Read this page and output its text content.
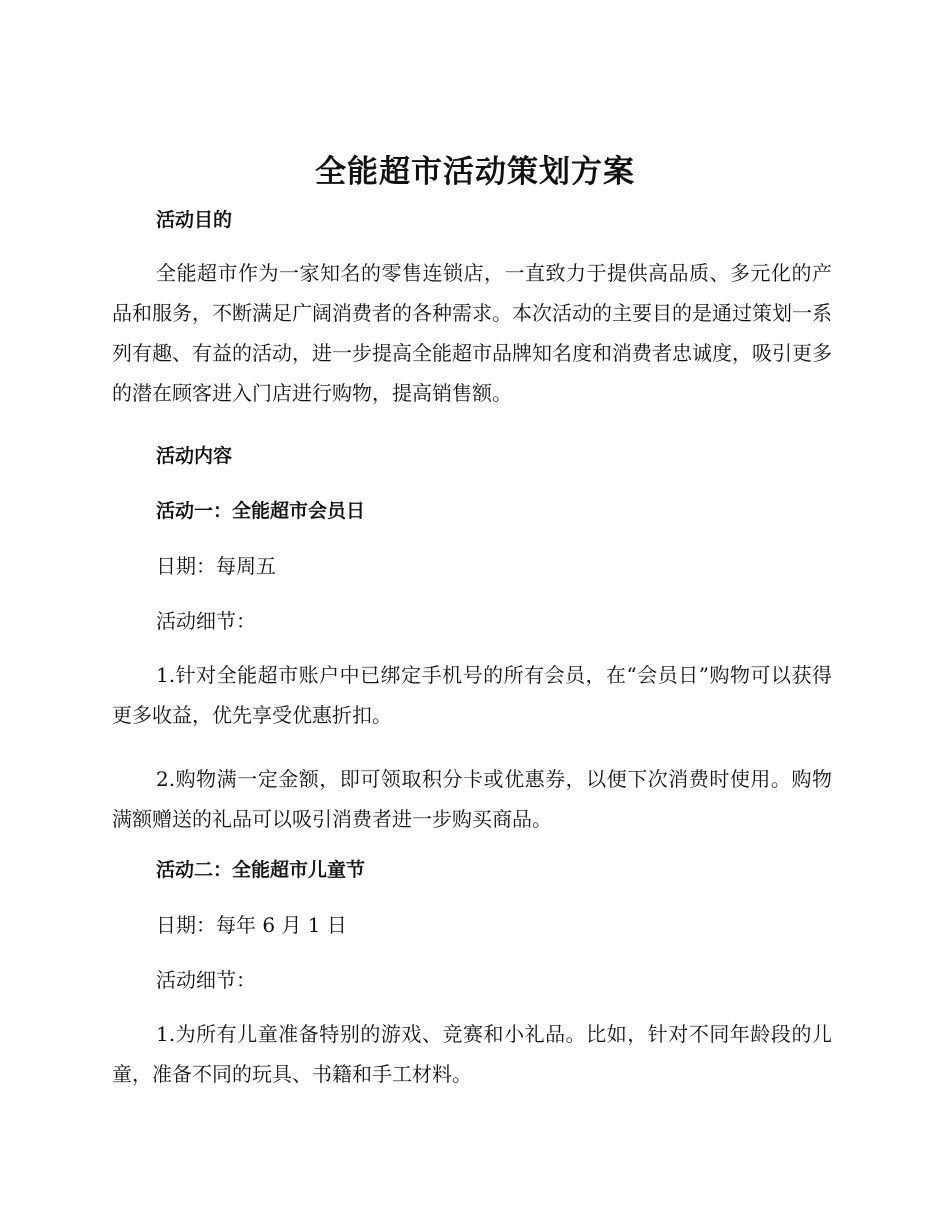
全能超市活动策划方案
活动目的

全能超市作为一家知名的零售连锁店，一直致力于提供高品质、多元化的产品和服务，不断满足广阔消费者的各种需求。本次活动的主要目的是通过策划一系列有趣、有益的活动，进一步提高全能超市品牌知名度和消费者忠诚度，吸引更多的潜在顾客进入门店进行购物，提高销售额。

活动内容
活动一：全能超市会员日

日期：每周五

活动细节：

1.针对全能超市账户中已绑定手机号的所有会员，在“会员日”购物可以获得更多收益，优先享受优惠折扣。

2.购物满一定金额，即可领取积分卡或优惠券，以便下次消费时使用。购物满额赠送的礼品可以吸引消费者进一步购买商品。

活动二：全能超市儿童节

日期：每年 6 月 1 日

活动细节：

1.为所有儿童准备特别的游戏、竞赛和小礼品。比如，针对不同年龄段的儿童，准备不同的玩具、书籍和手工材料。
